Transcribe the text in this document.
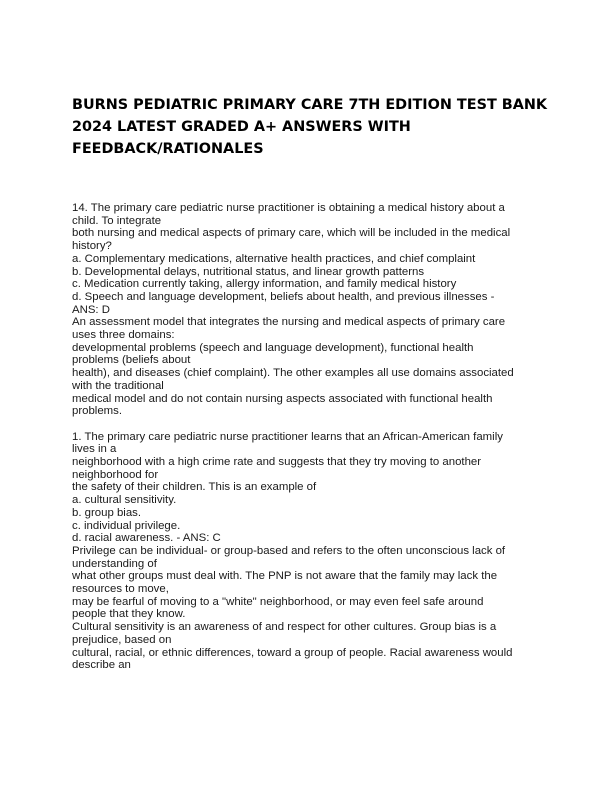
BURNS PEDIATRIC PRIMARY CARE 7TH EDITION TEST BANK
2024 LATEST GRADED A+ ANSWERS WITH
FEEDBACK/RATIONALES
14. The primary care pediatric nurse practitioner is obtaining a medical history about a
child. To integrate
both nursing and medical aspects of primary care, which will be included in the medical
history?
a. Complementary medications, alternative health practices, and chief complaint
b. Developmental delays, nutritional status, and linear growth patterns
c. Medication currently taking, allergy information, and family medical history
d. Speech and language development, beliefs about health, and previous illnesses -
ANS: D
An assessment model that integrates the nursing and medical aspects of primary care
uses three domains:
developmental problems (speech and language development), functional health
problems (beliefs about
health), and diseases (chief complaint). The other examples all use domains associated
with the traditional
medical model and do not contain nursing aspects associated with functional health
problems.
1. The primary care pediatric nurse practitioner learns that an African-American family
lives in a
neighborhood with a high crime rate and suggests that they try moving to another
neighborhood for
the safety of their children. This is an example of
a. cultural sensitivity.
b. group bias.
c. individual privilege.
d. racial awareness. - ANS: C
Privilege can be individual- or group-based and refers to the often unconscious lack of
understanding of
what other groups must deal with. The PNP is not aware that the family may lack the
resources to move,
may be fearful of moving to a "white" neighborhood, or may even feel safe around
people that they know.
Cultural sensitivity is an awareness of and respect for other cultures. Group bias is a
prejudice, based on
cultural, racial, or ethnic differences, toward a group of people. Racial awareness would
describe an
